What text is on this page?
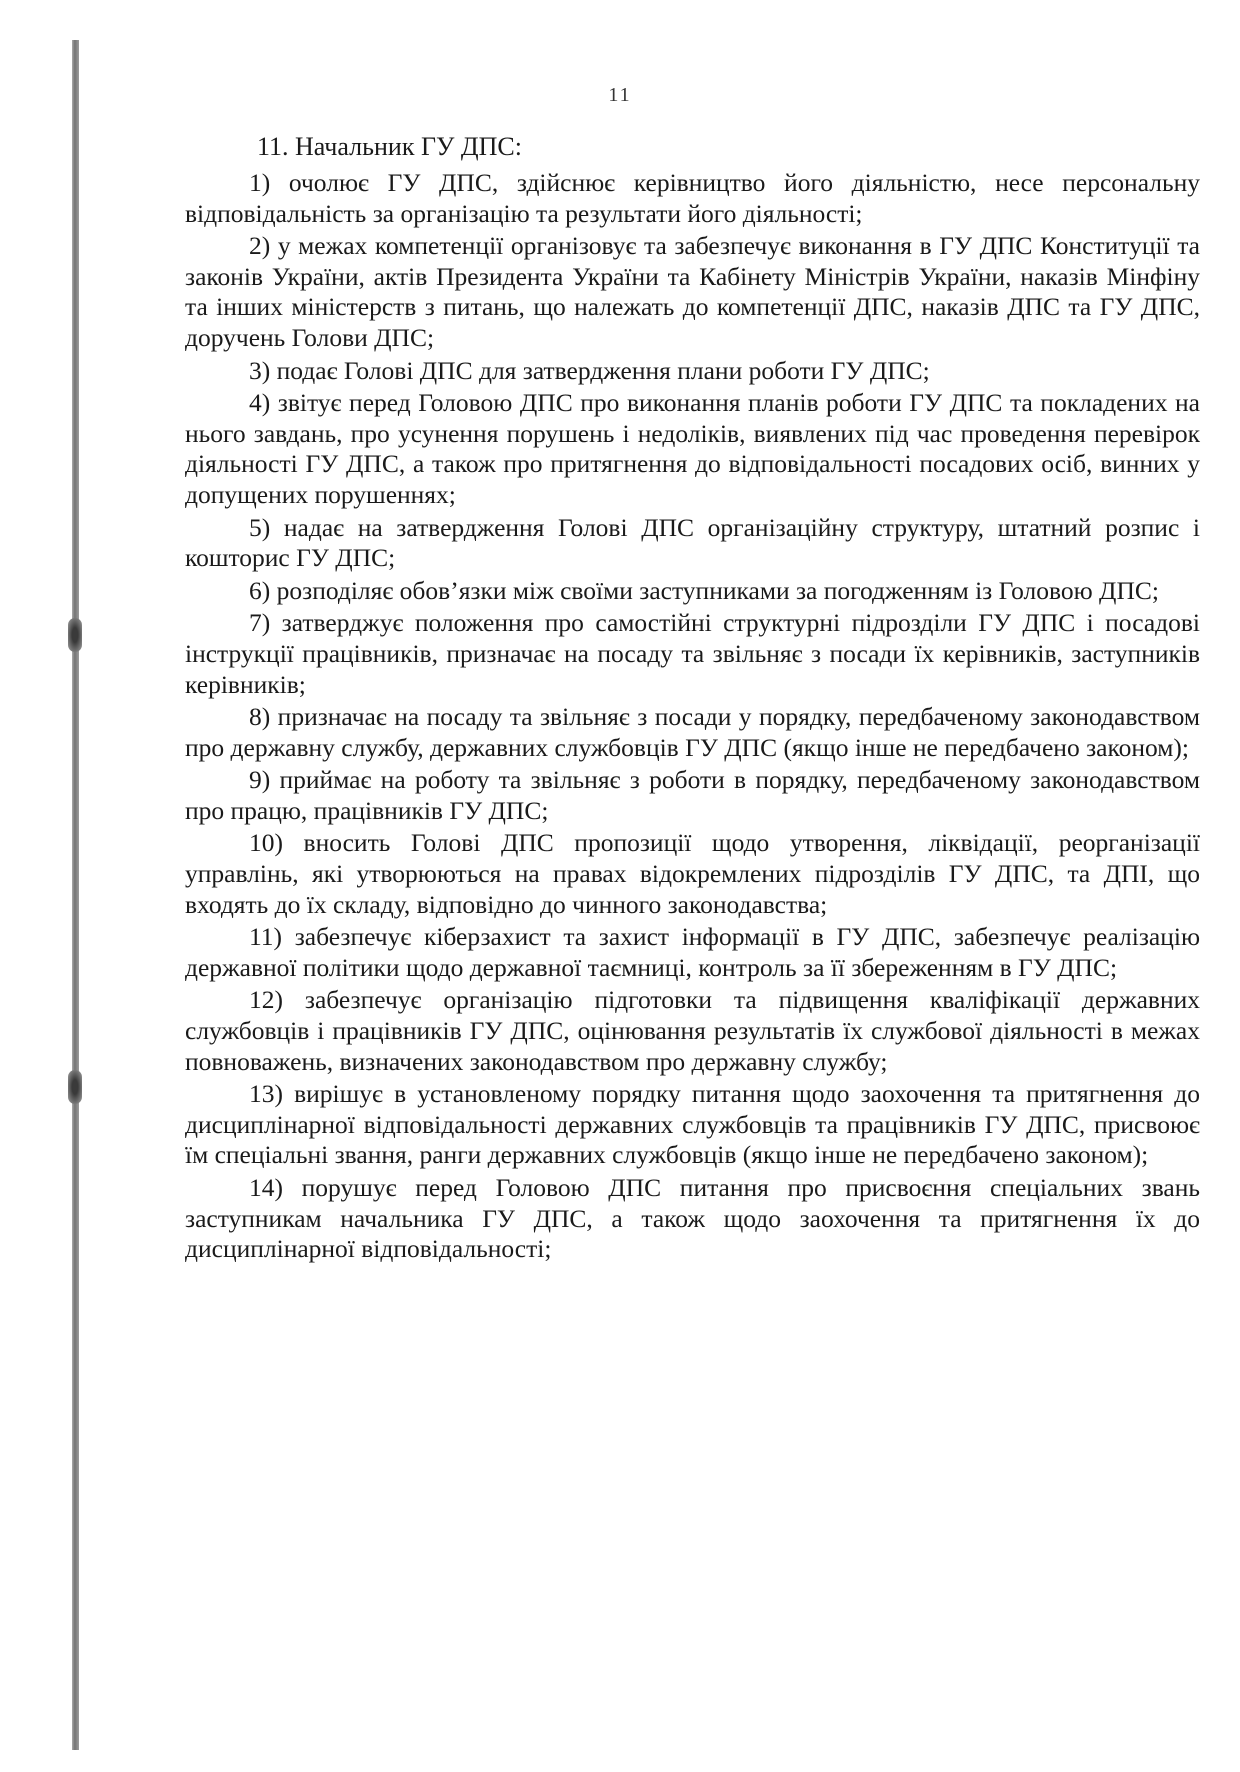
11

11. Начальник ГУ ДПС:

1) очолює ГУ ДПС, здійснює керівництво його діяльністю, несе персональну відповідальність за організацію та результати його діяльності;

2) у межах компетенції організовує та забезпечує виконання в ГУ ДПС Конституції та законів України, актів Президента України та Кабінету Міністрів України, наказів Мінфіну та інших міністерств з питань, що належать до компетенції ДПС, наказів ДПС та ГУ ДПС, доручень Голови ДПС;

3) подає Голові ДПС для затвердження плани роботи ГУ ДПС;

4) звітує перед Головою ДПС про виконання планів роботи ГУ ДПС та покладених на нього завдань, про усунення порушень і недоліків, виявлених під час проведення перевірок діяльності ГУ ДПС, а також про притягнення до відповідальності посадових осіб, винних у допущених порушеннях;

5) надає на затвердження Голові ДПС організаційну структуру, штатний розпис і кошторис ГУ ДПС;

6) розподіляє обов’язки між своїми заступниками за погодженням із Головою ДПС;

7) затверджує положення про самостійні структурні підрозділи ГУ ДПС і посадові інструкції працівників, призначає на посаду та звільняє з посади їх керівників, заступників керівників;

8) призначає на посаду та звільняє з посади у порядку, передбаченому законодавством про державну службу, державних службовців ГУ ДПС (якщо інше не передбачено законом);

9) приймає на роботу та звільняє з роботи в порядку, передбаченому законодавством про працю, працівників ГУ ДПС;

10) вносить Голові ДПС пропозиції щодо утворення, ліквідації, реорганізації управлінь, які утворюються на правах відокремлених підрозділів ГУ ДПС, та ДПІ, що входять до їх складу, відповідно до чинного законодавства;

11) забезпечує кіберзахист та захист інформації в ГУ ДПС, забезпечує реалізацію державної політики щодо державної таємниці, контроль за її збереженням в ГУ ДПС;

12) забезпечує організацію підготовки та підвищення кваліфікації державних службовців і працівників ГУ ДПС, оцінювання результатів їх службової діяльності в межах повноважень, визначених законодавством про державну службу;

13) вирішує в установленому порядку питання щодо заохочення та притягнення до дисциплінарної відповідальності державних службовців та працівників ГУ ДПС, присвоює їм спеціальні звання, ранги державних службовців (якщо інше не передбачено законом);

14) порушує перед Головою ДПС питання про присвоєння спеціальних звань заступникам начальника ГУ ДПС, а також щодо заохочення та притягнення їх до дисциплінарної відповідальності;
